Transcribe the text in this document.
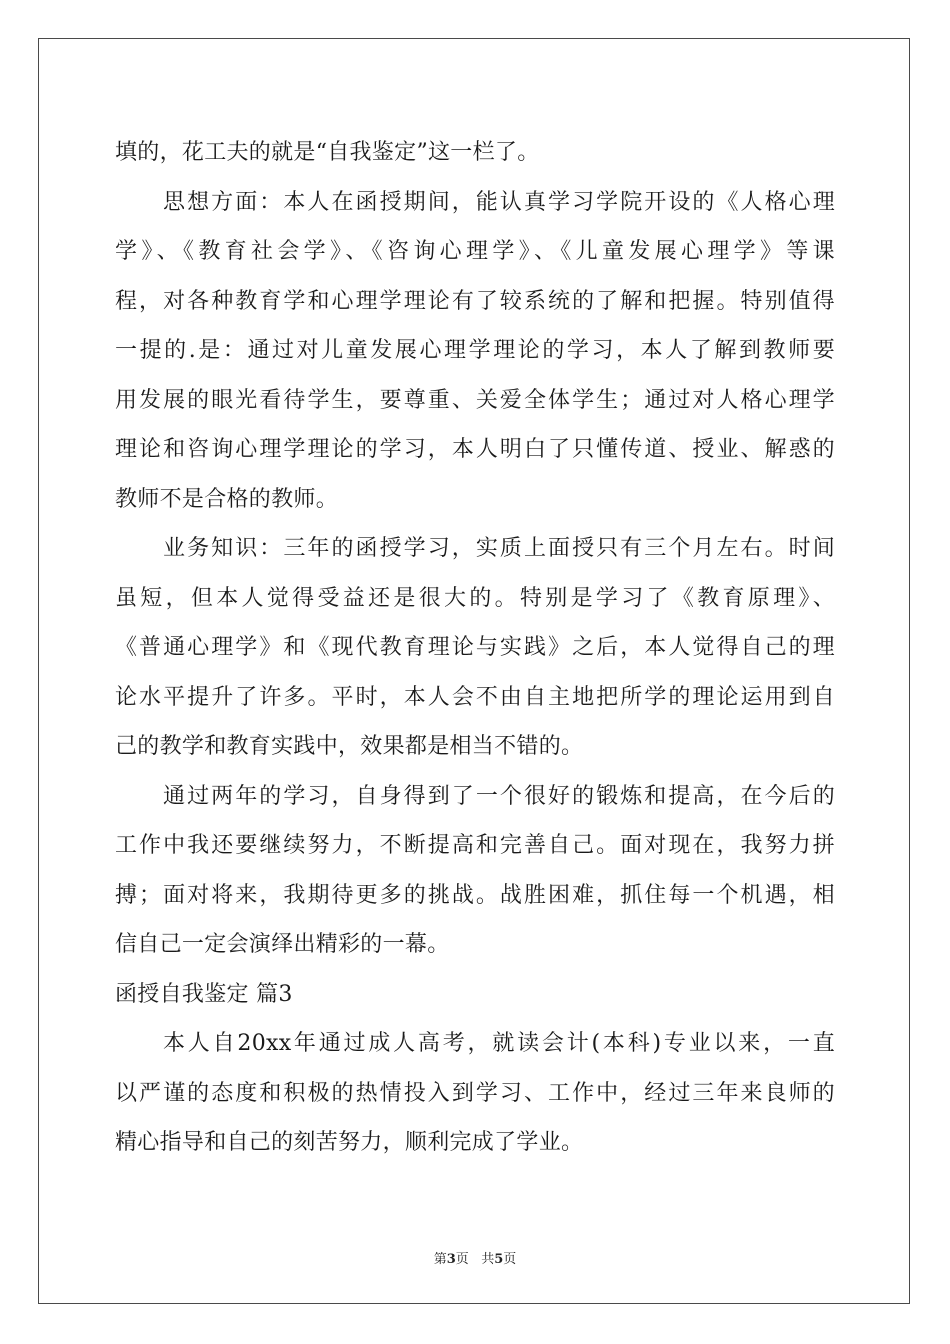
填的，花工夫的就是“自我鉴定”这一栏了。
思想方面：本人在函授期间，能认真学习学院开设的《人格心理
学》、《教育社会学》、《咨询心理学》、《儿童发展心理学》等课
程，对各种教育学和心理学理论有了较系统的了解和把握。特别值得
一提的.是：通过对儿童发展心理学理论的学习，本人了解到教师要
用发展的眼光看待学生，要尊重、关爱全体学生；通过对人格心理学
理论和咨询心理学理论的学习，本人明白了只懂传道、授业、解惑的
教师不是合格的教师。
业务知识：三年的函授学习，实质上面授只有三个月左右。时间
虽短，但本人觉得受益还是很大的。特别是学习了《教育原理》、
《普通心理学》和《现代教育理论与实践》之后，本人觉得自己的理
论水平提升了许多。平时，本人会不由自主地把所学的理论运用到自
己的教学和教育实践中，效果都是相当不错的。
通过两年的学习，自身得到了一个很好的锻炼和提高，在今后的
工作中我还要继续努力，不断提高和完善自己。面对现在，我努力拼
搏；面对将来，我期待更多的挑战。战胜困难，抓住每一个机遇，相
信自己一定会演绎出精彩的一幕。
函授自我鉴定 篇3
本人自20xx年通过成人高考，就读会计(本科)专业以来，一直
以严谨的态度和积极的热情投入到学习、工作中，经过三年来良师的
精心指导和自己的刻苦努力，顺利完成了学业。
第3页 共5页
